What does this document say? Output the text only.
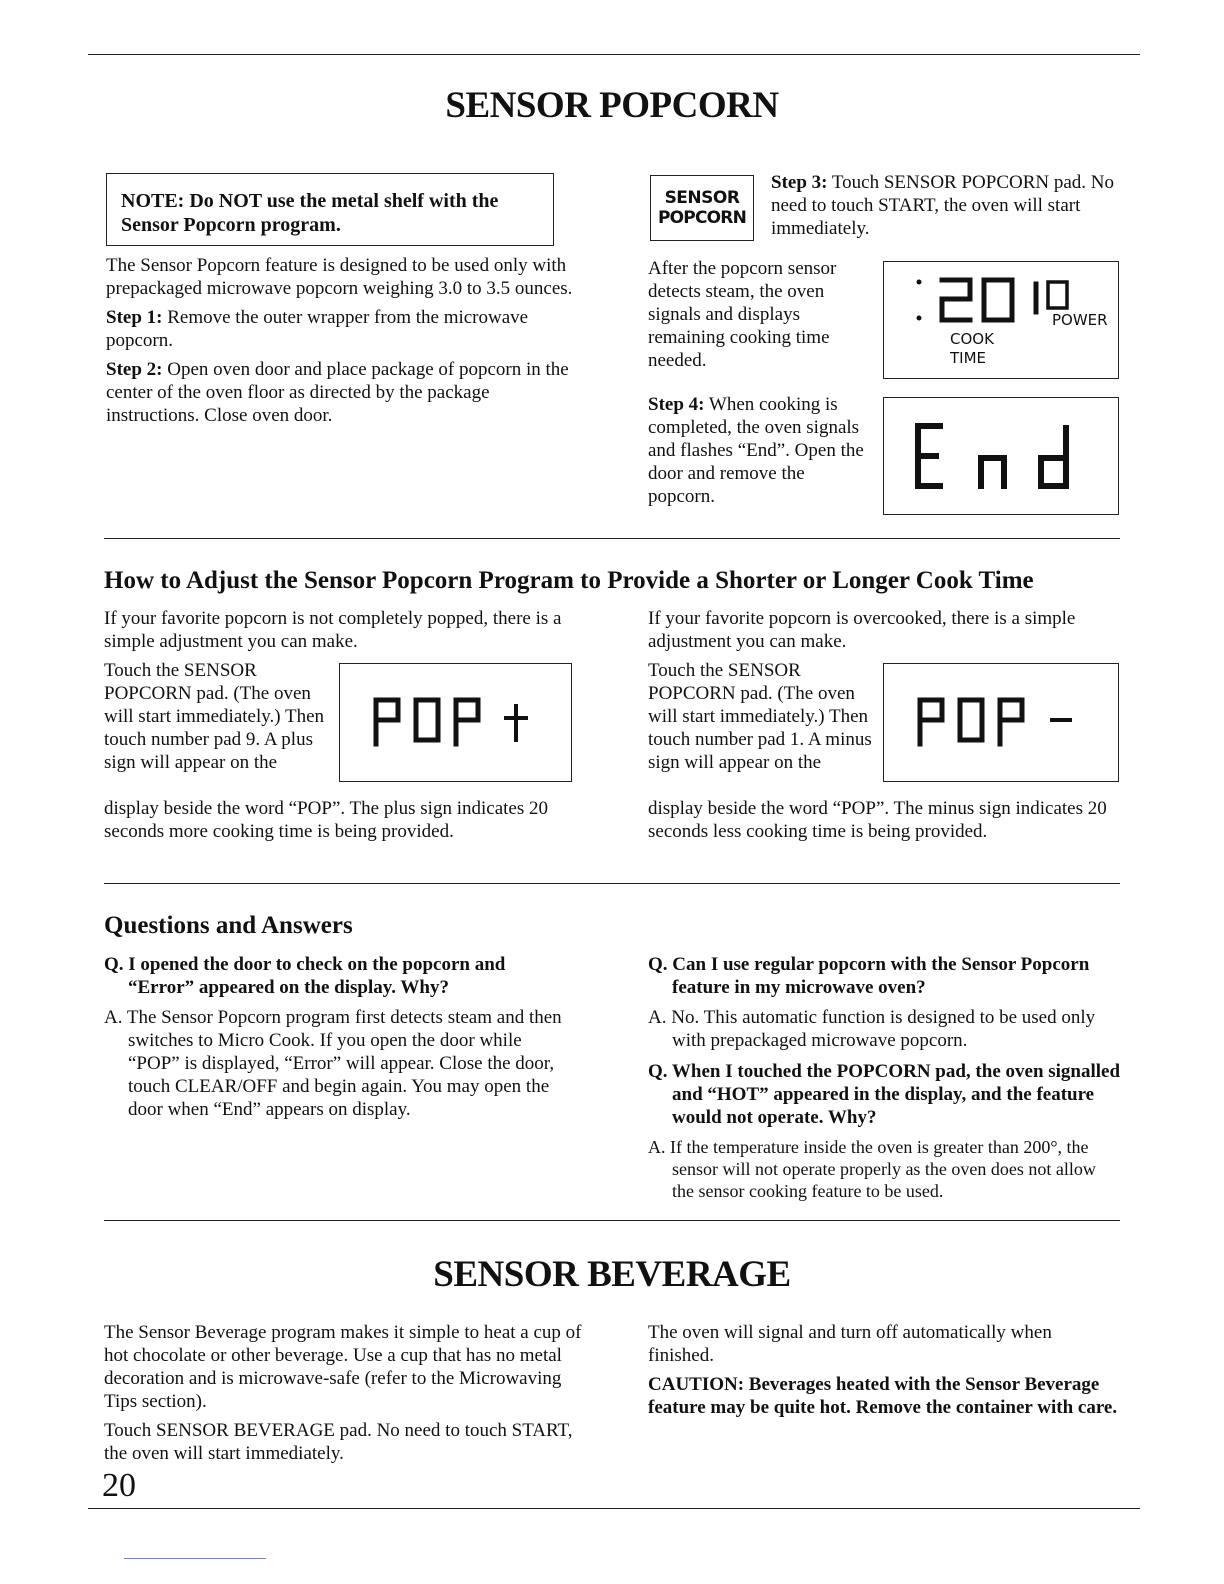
SENSOR POPCORN
NOTE: Do NOT use the metal shelf with the Sensor Popcorn program.

The Sensor Popcorn feature is designed to be used only with prepackaged microwave popcorn weighing 3.0 to 3.5 ounces.

Step 1: Remove the outer wrapper from the microwave popcorn.

Step 2: Open oven door and place package of popcorn in the center of the oven floor as directed by the package instructions. Close oven door.

SENSOR
POPCORN
Step 3: Touch SENSOR POPCORN pad. No need to touch START, the oven will start immediately.
After the popcorn sensor detects steam, the oven signals and displays remaining cooking time needed.
POWER
COOK
TIME
Step 4: When cooking is completed, the oven signals and flashes “End”. Open the door and remove the popcorn.
How to Adjust the Sensor Popcorn Program to Provide a Shorter or Longer Cook Time
If your favorite popcorn is not completely popped, there is a simple adjustment you can make.
Touch the SENSOR POPCORN pad. (The oven will start immediately.) Then touch number pad 9. A plus sign will appear on the
display beside the word “POP”. The plus sign indicates 20 seconds more cooking time is being provided.
If your favorite popcorn is overcooked, there is a simple adjustment you can make.
Touch the SENSOR POPCORN pad. (The oven will start immediately.) Then touch number pad 1. A minus sign will appear on the
display beside the word “POP”. The minus sign indicates 20 seconds less cooking time is being provided.
Questions and Answers

Q. I opened the door to check on the popcorn and “Error” appeared on the display. Why?

A. The Sensor Popcorn program first detects steam and then switches to Micro Cook. If you open the door while “POP” is displayed, “Error” will appear. Close the door, touch CLEAR/OFF and begin again. You may open the door when “End” appears on display.

Q. Can I use regular popcorn with the Sensor Popcorn feature in my microwave oven?

A. No. This automatic function is designed to be used only with prepackaged microwave popcorn.

Q. When I touched the POPCORN pad, the oven signalled and “HOT” appeared in the display, and the feature would not operate. Why?

A. If the temperature inside the oven is greater than 200°, the sensor will not operate properly as the oven does not allow the sensor cooking feature to be used.

SENSOR BEVERAGE

The Sensor Beverage program makes it simple to heat a cup of hot chocolate or other beverage. Use a cup that has no metal decoration and is microwave-safe (refer to the Microwaving Tips section).

Touch SENSOR BEVERAGE pad. No need to touch START, the oven will start immediately.

The oven will signal and turn off automatically when finished.

CAUTION: Beverages heated with the Sensor Beverage feature may be quite hot. Remove the container with care.

20
